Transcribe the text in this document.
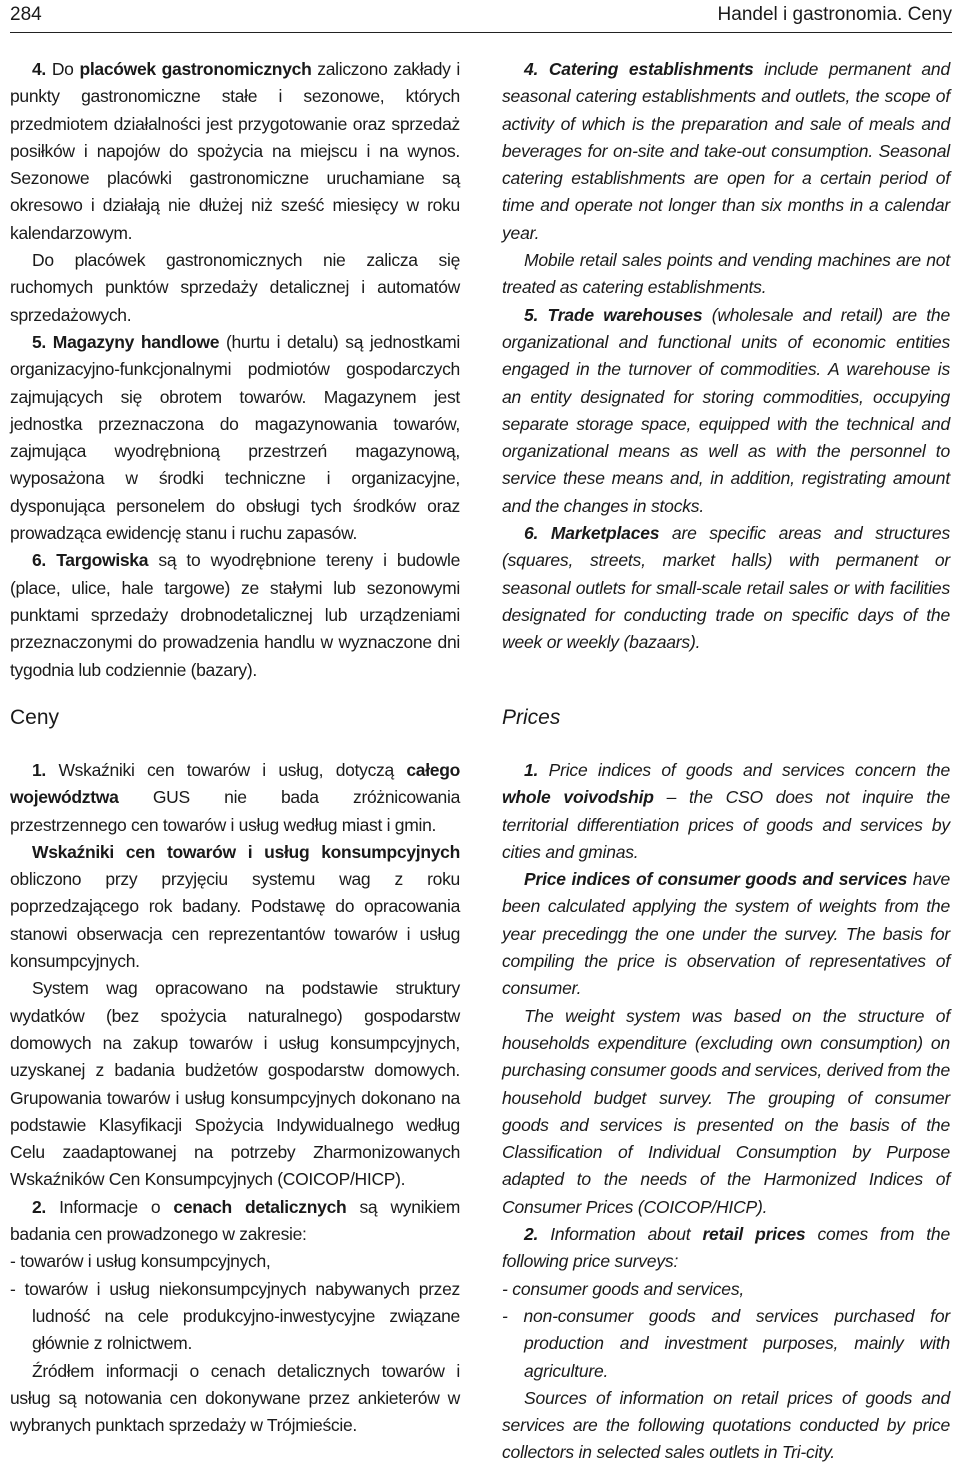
284	Handel i gastronomia. Ceny

4. Do placówek gastronomicznych zaliczono zakłady i punkty gastronomiczne stałe i sezonowe, których przedmiotem działalności jest przygotowanie oraz sprzedaż posiłków i napojów do spożycia na miejscu i na wynos. Sezonowe placówki gastronomiczne uruchamiane są okresowo i działają nie dłużej niż sześć miesięcy w roku kalendarzowym.

Do placówek gastronomicznych nie zalicza się ruchomych punktów sprzedaży detalicznej i automatów sprzedażowych.

5. Magazyny handlowe (hurtu i detalu) są jednostkami organizacyjno-funkcjonalnymi podmiotów gospodarczych zajmujących się obrotem towarów. Magazynem jest jednostka przeznaczona do magazynowania towarów, zajmująca wyodrębnioną przestrzeń magazynową, wyposażona w środki techniczne i organizacyjne, dysponująca personelem do obsługi tych środków oraz prowadząca ewidencję stanu i ruchu zapasów.

6. Targowiska są to wyodrębnione tereny i budowle (place, ulice, hale targowe) ze stałymi lub sezonowymi punktami sprzedaży drobnodetalicznej lub urządzeniami przeznaczonymi do prowadzenia handlu w wyznaczone dni tygodnia lub codziennie (bazary).

4. Catering establishments include permanent and seasonal catering establishments and outlets, the scope of activity of which is the preparation and sale of meals and beverages for on-site and take-out consumption. Seasonal catering establishments are open for a certain period of time and operate not longer than six months in a calendar year.

Mobile retail sales points and vending machines are not treated as catering establishments.

5. Trade warehouses (wholesale and retail) are the organizational and functional units of economic entities engaged in the turnover of commodities. A warehouse is an entity designated for storing commodities, occupying separate storage space, equipped with the technical and organizational means as well as with the personnel to service these means and, in addition, registrating amount and the changes in stocks.

6. Marketplaces are specific areas and structures (squares, streets, market halls) with permanent or seasonal outlets for small-scale retail sales or with facilities designated for conducting trade on specific days of the week or weekly (bazaars).

Ceny	Prices

1. Wskaźniki cen towarów i usług, dotyczą całego województwa GUS nie bada zróżnicowania przestrzennego cen towarów i usług według miast i gmin.

Wskaźniki cen towarów i usług konsumpcyjnych obliczono przy przyjęciu systemu wag z roku poprzedzającego rok badany. Podstawę do opracowania stanowi obserwacja cen reprezentantów towarów i usług konsumpcyjnych.

System wag opracowano na podstawie struktury wydatków (bez spożycia naturalnego) gospodarstw domowych na zakup towarów i usług konsumpcyjnych, uzyskanej z badania budżetów gospodarstw domowych. Grupowania towarów i usług konsumpcyjnych dokonano na podstawie Klasyfikacji Spożycia Indywidualnego według Celu zaadaptowanej na potrzeby Zharmonizowanych Wskaźników Cen Konsumpcyjnych (COICOP/HICP).

2. Informacje o cenach detalicznych są wynikiem badania cen prowadzonego w zakresie:

- towarów i usług konsumpcyjnych,

- towarów i usług niekonsumpcyjnych nabywanych przez ludność na cele produkcyjno-inwestycyjne związane głównie z rolnictwem.

Źródłem informacji o cenach detalicznych towarów i usług są notowania cen dokonywane przez ankieterów w wybranych punktach sprzedaży w Trójmieście.

1. Price indices of goods and services concern the whole voivodship – the CSO does not inquire the territorial differentiation prices of goods and services by cities and gminas.

Price indices of consumer goods and services have been calculated applying the system of weights from the year precedingg the one under the survey. The basis for compiling the price is observation of representatives of consumer.

The weight system was based on the structure of households expenditure (excluding own consumption) on purchasing consumer goods and services, derived from the household budget survey. The grouping of consumer goods and services is presented on the basis of the Classification of Individual Consumption by Purpose adapted to the needs of the Harmonized Indices of Consumer Prices (COICOP/HICP).

2. Information about retail prices comes from the following price surveys:

- consumer goods and services,

- non-consumer goods and services purchased for production and investment purposes, mainly with agriculture.

Sources of information on retail prices of goods and services are the following quotations conducted by price collectors in selected sales outlets in Tri-city.
